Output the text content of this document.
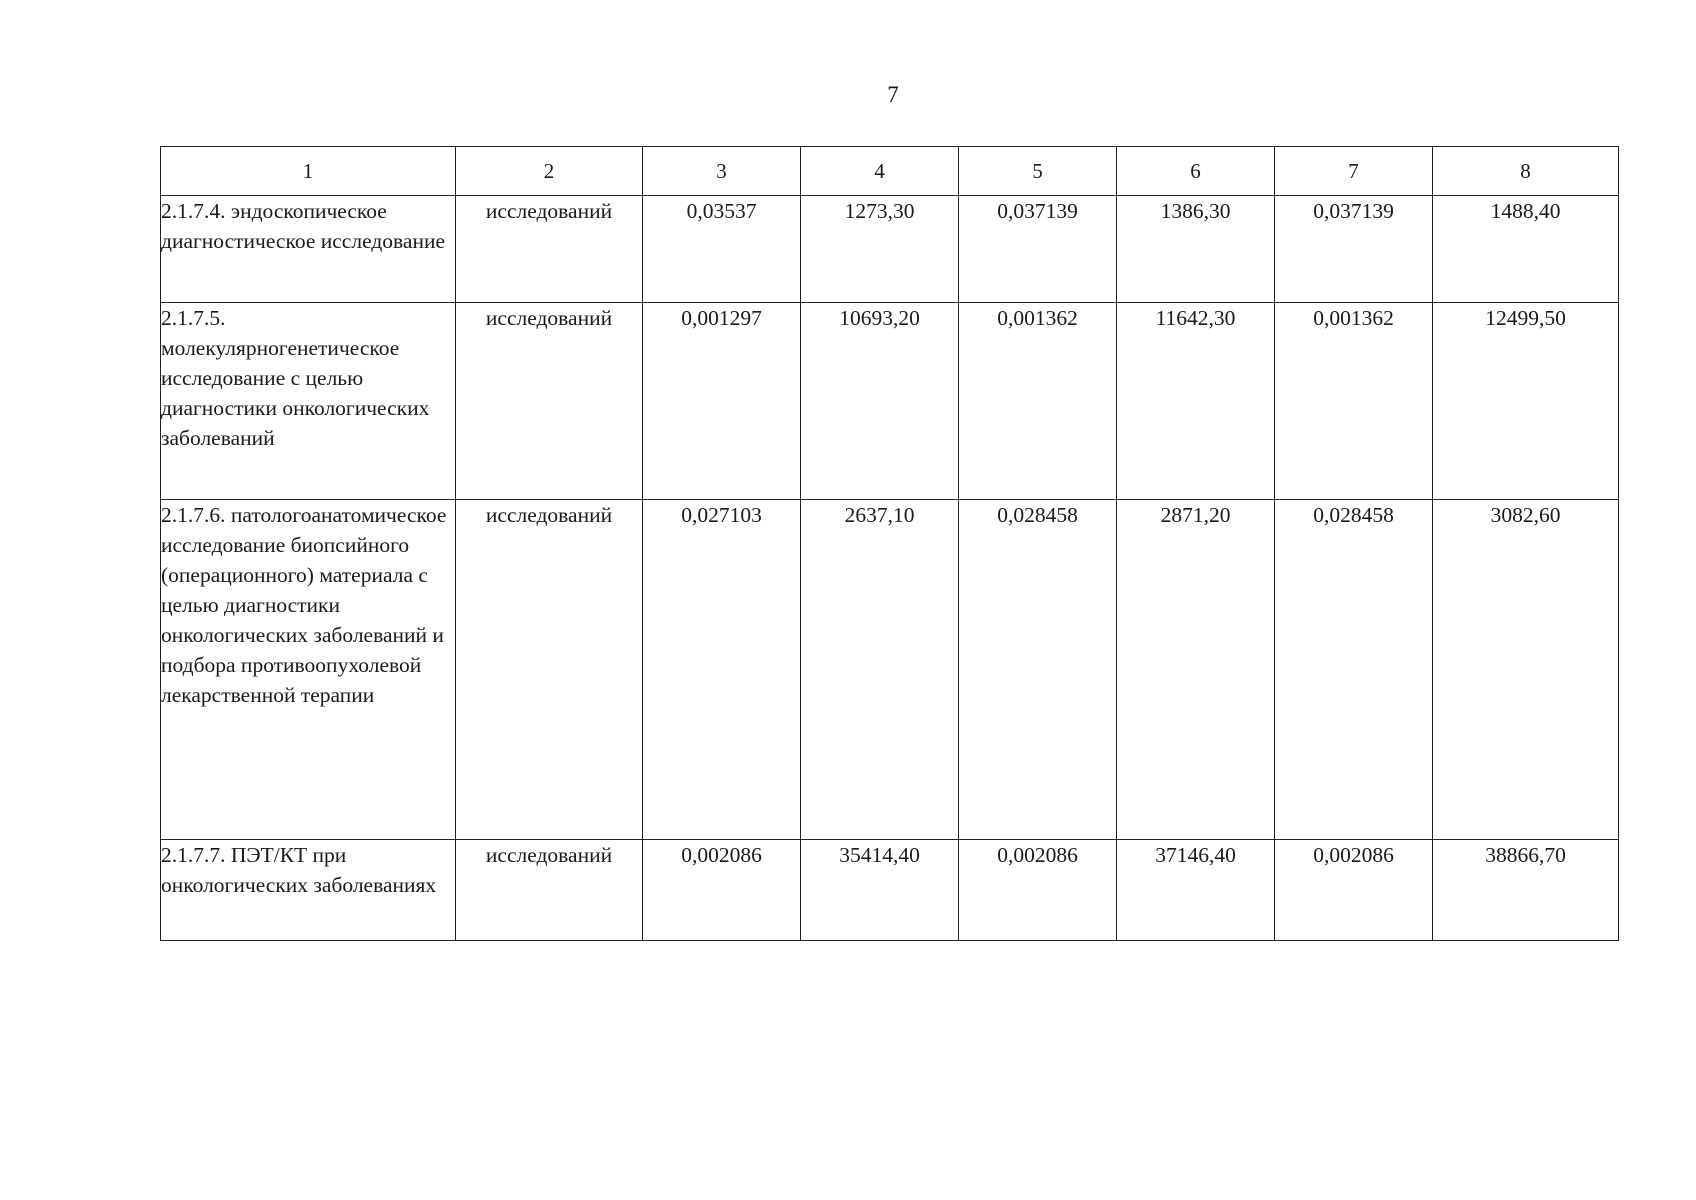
7
1	2	3	4	5	6	7	8
2.1.7.4. эндоскопическое диагностическое исследование	исследований	0,03537	1273,30	0,037139	1386,30	0,037139	1488,40
2.1.7.5. молекулярногенетическое исследование с целью диагностики онкологических заболеваний	исследований	0,001297	10693,20	0,001362	11642,30	0,001362	12499,50
2.1.7.6. патологоанатомическое исследование биопсийного (операционного) материала с целью диагностики онкологических заболеваний и подбора противоопухолевой лекарственной терапии	исследований	0,027103	2637,10	0,028458	2871,20	0,028458	3082,60
2.1.7.7. ПЭТ/КТ при онкологических заболеваниях	исследований	0,002086	35414,40	0,002086	37146,40	0,002086	38866,70
